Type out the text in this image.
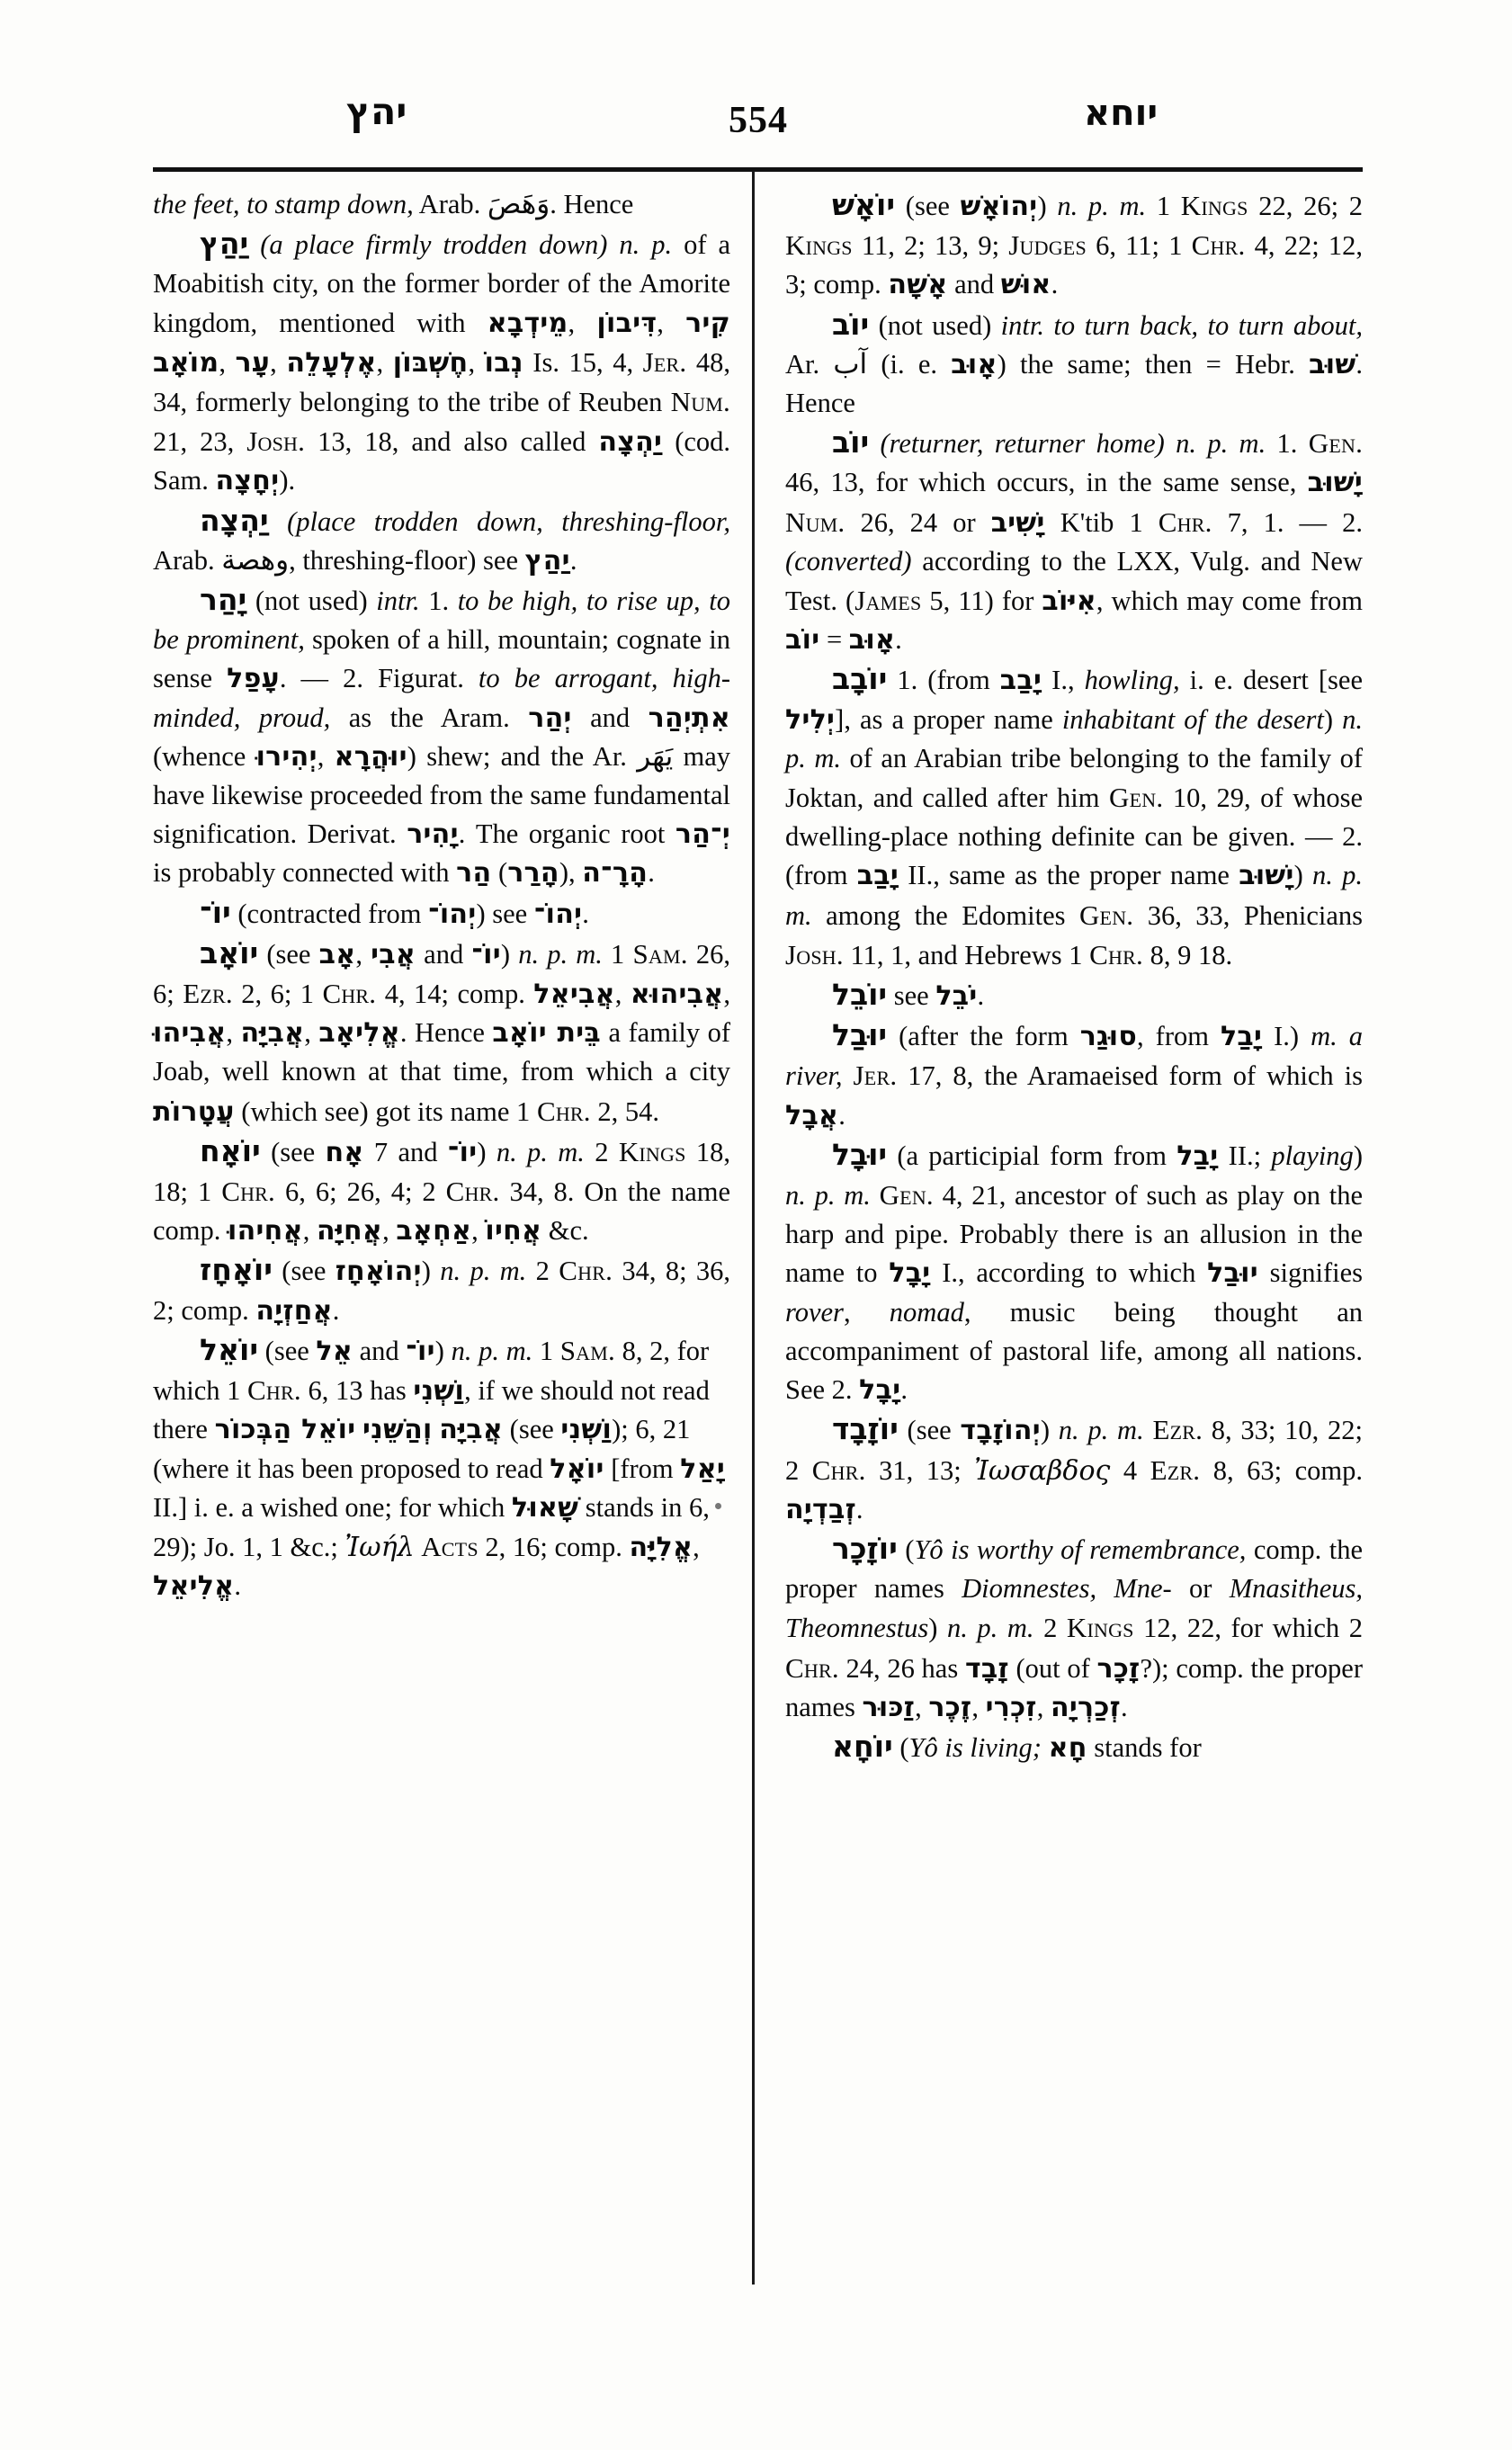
יהץ	554	יוחא

the feet, to stamp down, Arab. وَهَصَ. Hence

יַהַץ (a place firmly trodden down) n. p. of a Moabitish city, on the former border of the Amorite kingdom, mentioned with מֵידְבָא, דִּיבוֹן, קִיר מוֹאָב, עָר, אֶלְעָלֵה, חֶשְׁבּוֹן, נְבוֹ Is. 15, 4, Jer. 48, 34, formerly belonging to the tribe of Reuben Num. 21, 23, Josh. 13, 18, and also called יַהְצָה (cod. Sam. יְחָצָה).

יַהְצָה (place trodden down, threshing-floor, Arab. وهصة, threshing-floor) see יַהַץ.

יָהַר (not used) intr. 1. to be high, to rise up, to be prominent, spoken of a hill, mountain; cognate in sense עָפַל. — 2. Figurat. to be arrogant, high-minded, proud, as the Aram. יְהַר and אִתְיְהַר (whence יְהִירוּ, יוּהֲרָא) shew; and the Ar. يَهَر may have likewise proceeded from the same fundamental signification. Derivat. יָהִיר. The organic root יְ־הַר is probably connected with הַר (הָרַר), הָרָ־ה.

יוֹ־ (contracted from יְהוֹ־) see יְהוֹ־.

יוֹאָב (see אָב, אֲבִי and יוֹ־) n. p. m. 1 Sam. 26, 6; Ezr. 2, 6; 1 Chr. 4, 14; comp. אֲבִיאֵל, אֲבִיהוּא, אֲבִיהוּ, אֲבִיָּה, אֱלִיאָב. Hence בֵּית יוֹאָב a family of Joab, well known at that time, from which a city עֲטָרוֹת (which see) got its name 1 Chr. 2, 54.

יוֹאָח (see אָח 7 and יוֹ־) n. p. m. 2 Kings 18, 18; 1 Chr. 6, 6; 26, 4; 2 Chr. 34, 8. On the name comp. אֲחִיהוּ, אֲחִיָּה, אַחְאָב, אֲחִיוֹ &c.

יוֹאָחָז (see יְהוֹאָחָז) n. p. m. 2 Chr. 34, 8; 36, 2; comp. אֲחַזְיָה.

יוֹאֵל (see אֵל and יוֹ־) n. p. m. 1 Sam. 8, 2, for which 1 Chr. 6, 13 has וַשְׁנִי, if we should not read there יוֹאֵל הַבְּכוֹר וְהַשֵּׁנִי אֲבִיָּה (see וַשְׁנִי); 6, 21 (where it has been proposed to read יוֹאָל [from יָאַל II.] i. e. a wished one; for which שָׁאוּל stands in 6, 29); Jo. 1, 1 &c.; Ἰωήλ Acts 2, 16; comp. אֱלִיָּה, אֱלִיאֵל.

יוֹאָשׁ (see יְהוֹאָשׁ) n. p. m. 1 Kings 22, 26; 2 Kings 11, 2; 13, 9; Judges 6, 11; 1 Chr. 4, 22; 12, 3; comp. אָשָׁה and אוּשׁ.

יוֹב (not used) intr. to turn back, to turn about, Ar. آب (i. e. אָוּב) the same; then = Hebr. שׁוּב. Hence

יוֹב (returner, returner home) n. p. m. 1. Gen. 46, 13, for which occurs, in the same sense, יָשׁוּב Num. 26, 24 or יָשִׁיב K'tib 1 Chr. 7, 1. — 2. (converted) according to the LXX, Vulg. and New Test. (James 5, 11) for אִיּוֹב, which may come from יוֹב = אָוּב.

יוֹבָב 1. (from יָבַב I., howling, i. e. desert [see יְלִיל], as a proper name inhabitant of the desert) n. p. m. of an Arabian tribe belonging to the family of Joktan, and called after him Gen. 10, 29, of whose dwelling-place nothing definite can be given. — 2. (from יָבַב II., same as the proper name יָשׁוּב) n. p. m. among the Edomites Gen. 36, 33, Phenicians Josh. 11, 1, and Hebrews 1 Chr. 8, 9 18.

יוֹבֵל see יֹבֵל.

יוּבַל (after the form סוּגַר, from יָבַל I.) m. a river, Jer. 17, 8, the Aramaeised form of which is אֲבָל.

יוּבָל (a participial form from יָבַל II.; playing) n. p. m. Gen. 4, 21, ancestor of such as play on the harp and pipe. Probably there is an allusion in the name to יָבָל I., according to which יוּבַל signifies rover, nomad, music being thought an accompaniment of pastoral life, among all nations. See 2. יָבָל.

יוֹזָבָד (see יְהוֹזָבָד) n. p. m. Ezr. 8, 33; 10, 22; 2 Chr. 31, 13; Ἰωσαβδος 4 Ezr. 8, 63; comp. זְבַדְיָה.

יוֹזָכָר (Yô is worthy of remembrance, comp. the proper names Diomnestes, Mne- or Mnasitheus, Theomnestus) n. p. m. 2 Kings 12, 22, for which 2 Chr. 24, 26 has זָבָד (out of זָכָר?); comp. the proper names זַכּוּר, זֶכֶר, זִכְרִי, זְכַרְיָה.

יוֹחָא (Yô is living; חָא stands for
